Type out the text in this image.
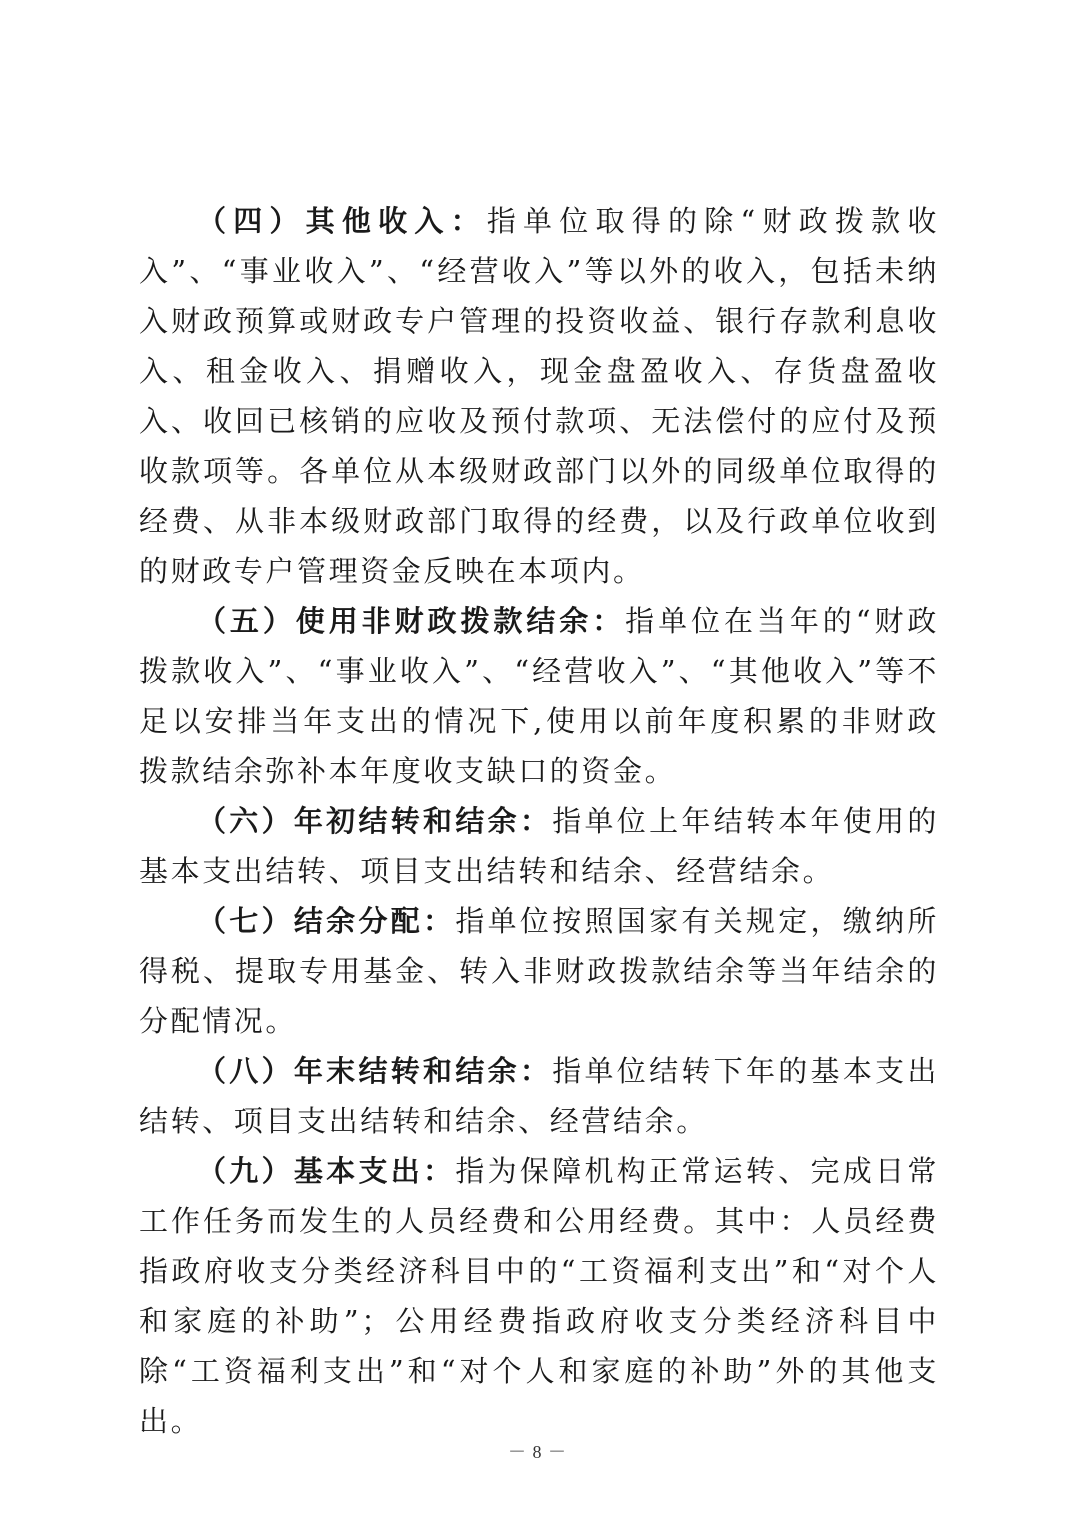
（四）其他收入：指单位取得的除“财政拨款收入”、“事业收入”、“经营收入”等以外的收入，包括未纳入财政预算或财政专户管理的投资收益、银行存款利息收入、租金收入、捐赠收入，现金盘盈收入、存货盘盈收入、收回已核销的应收及预付款项、无法偿付的应付及预收款项等。各单位从本级财政部门以外的同级单位取得的经费、从非本级财政部门取得的经费，以及行政单位收到的财政专户管理资金反映在本项内。

（五）使用非财政拨款结余：指单位在当年的“财政拨款收入”、“事业收入”、“经营收入”、“其他收入”等不足以安排当年支出的情况下,使用以前年度积累的非财政拨款结余弥补本年度收支缺口的资金。

（六）年初结转和结余：指单位上年结转本年使用的基本支出结转、项目支出结转和结余、经营结余。

（七）结余分配：指单位按照国家有关规定，缴纳所得税、提取专用基金、转入非财政拨款结余等当年结余的分配情况。

（八）年末结转和结余：指单位结转下年的基本支出结转、项目支出结转和结余、经营结余。

（九）基本支出：指为保障机构正常运转、完成日常工作任务而发生的人员经费和公用经费。其中：人员经费指政府收支分类经济科目中的“工资福利支出”和“对个人和家庭的补助”；公用经费指政府收支分类经济科目中除“工资福利支出”和“对个人和家庭的补助”外的其他支出。

－ 8 －
